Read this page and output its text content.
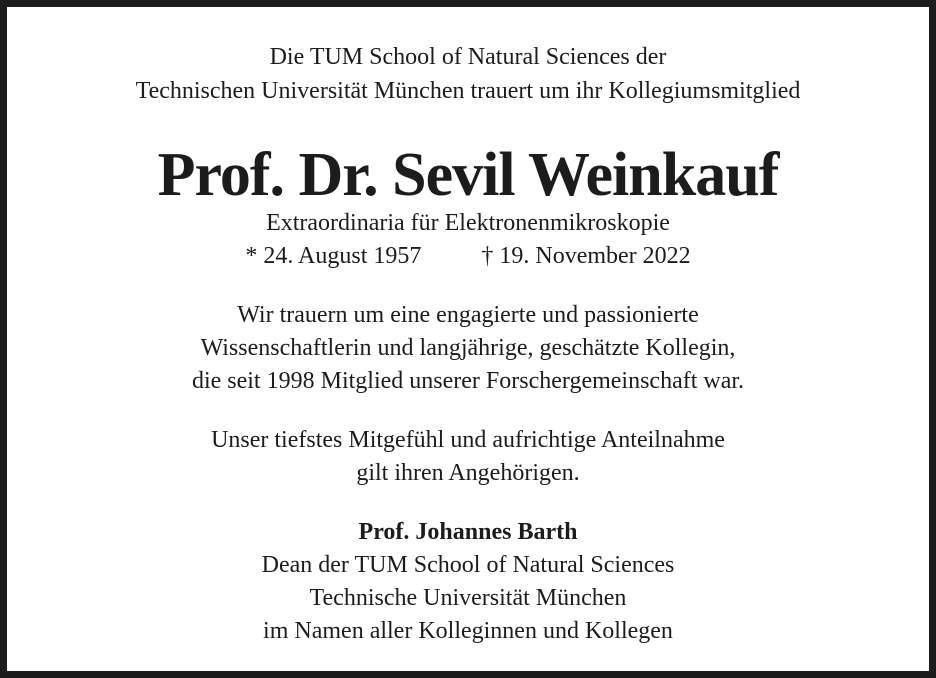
Die TUM School of Natural Sciences der
Technischen Universität München trauert um ihr Kollegiumsmitglied
Prof. Dr. Sevil Weinkauf
Extraordinaria für Elektronenmikroskopie
* 24. August 1957	† 19. November 2022
Wir trauern um eine engagierte und passionierte
Wissenschaftlerin und langjährige, geschätzte Kollegin,
die seit 1998 Mitglied unserer Forschergemeinschaft war.
Unser tiefstes Mitgefühl und aufrichtige Anteilnahme
gilt ihren Angehörigen.
Prof. Johannes Barth
Dean der TUM School of Natural Sciences
Technische Universität München
im Namen aller Kolleginnen und Kollegen
